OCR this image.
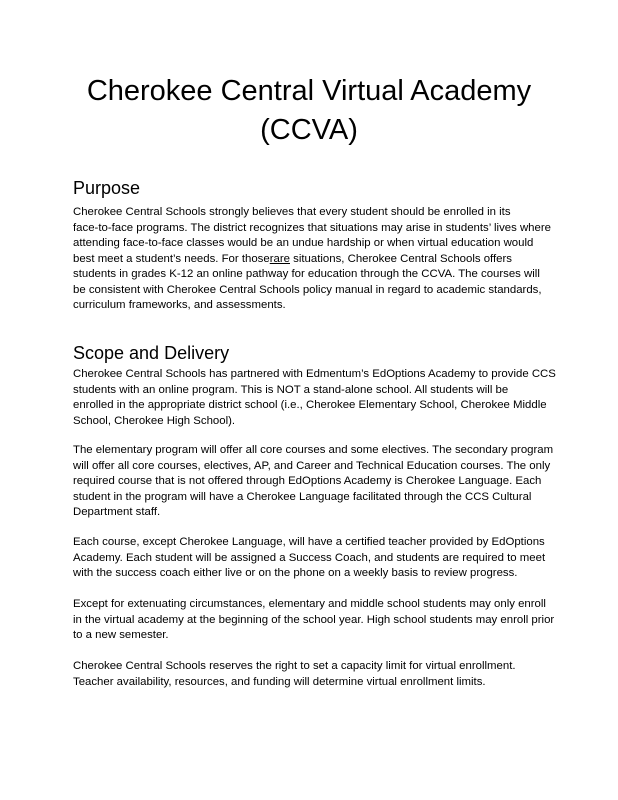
Cherokee Central Virtual Academy
(CCVA)
Purpose

Cherokee Central Schools strongly believes that every student should be enrolled in its
face-to-face programs. The district recognizes that situations may arise in students’ lives where
attending face-to-face classes would be an undue hardship or when virtual education would
best meet a student’s needs. For thoserare situations, Cherokee Central Schools offers
students in grades K-12 an online pathway for education through the CCVA. The courses will
be consistent with Cherokee Central Schools policy manual in regard to academic standards,
curriculum frameworks, and assessments.

Scope and Delivery

Cherokee Central Schools has partnered with Edmentum’s EdOptions Academy to provide CCS
students with an online program. This is NOT a stand-alone school. All students will be
enrolled in the appropriate district school (i.e., Cherokee Elementary School, Cherokee Middle
School, Cherokee High School).

The elementary program will offer all core courses and some electives. The secondary program
will offer all core courses, electives, AP, and Career and Technical Education courses. The only
required course that is not offered through EdOptions Academy is Cherokee Language. Each
student in the program will have a Cherokee Language facilitated through the CCS Cultural
Department staff.

Each course, except Cherokee Language, will have a certified teacher provided by EdOptions
Academy. Each student will be assigned a Success Coach, and students are required to meet
with the success coach either live or on the phone on a weekly basis to review progress.

Except for extenuating circumstances, elementary and middle school students may only enroll
in the virtual academy at the beginning of the school year. High school students may enroll prior
to a new semester.

Cherokee Central Schools reserves the right to set a capacity limit for virtual enrollment.
Teacher availability, resources, and funding will determine virtual enrollment limits.
